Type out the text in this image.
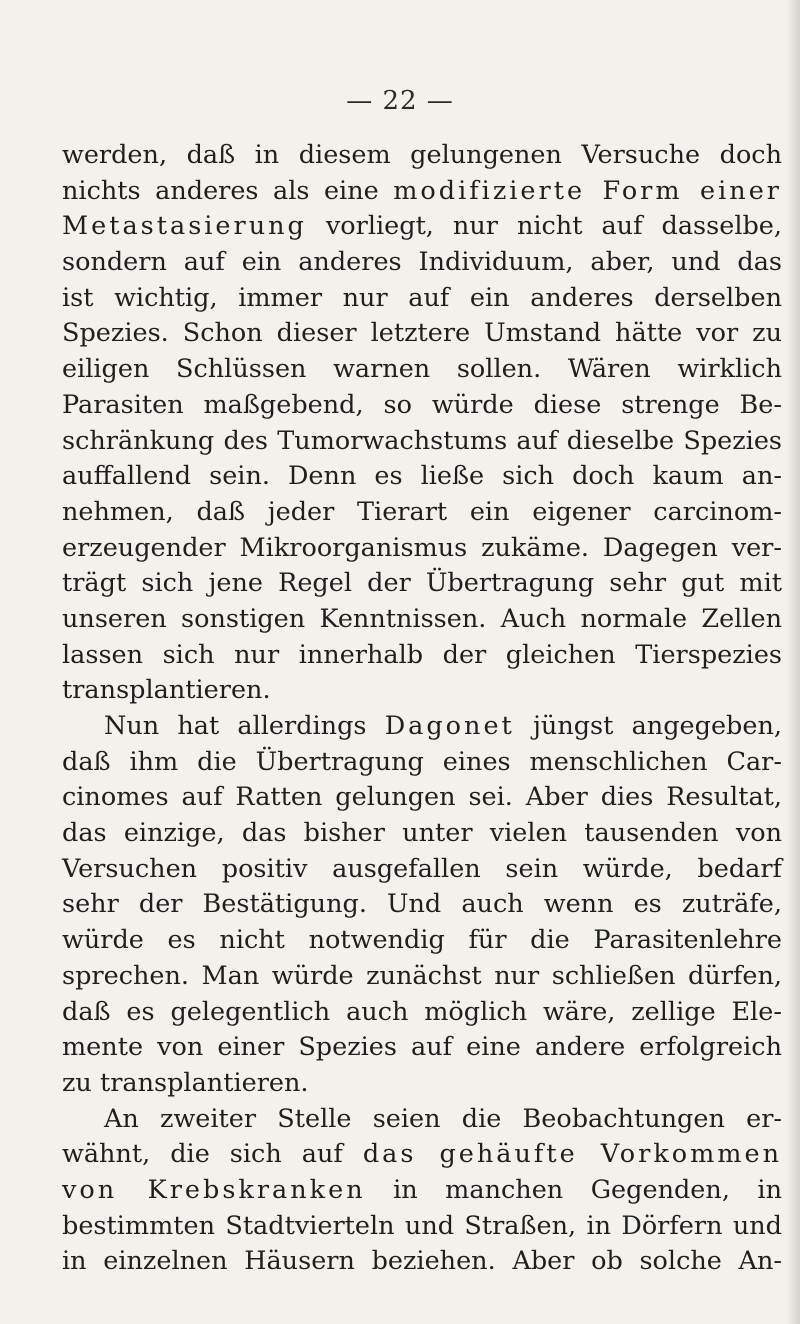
— 22 —
werden, daß in diesem gelungenen Versuche doch
nichts anderes als eine modifizierte Form einer
Metastasierung vorliegt, nur nicht auf dasselbe,
sondern auf ein anderes Individuum, aber, und das
ist wichtig, immer nur auf ein anderes derselben
Spezies. Schon dieser letztere Umstand hätte vor zu
eiligen Schlüssen warnen sollen. Wären wirklich
Parasiten maßgebend, so würde diese strenge Be-
schränkung des Tumorwachstums auf dieselbe Spezies
auffallend sein. Denn es ließe sich doch kaum an-
nehmen, daß jeder Tierart ein eigener carcinom-
erzeugender Mikroorganismus zukäme. Dagegen ver-
trägt sich jene Regel der Übertragung sehr gut mit
unseren sonstigen Kenntnissen. Auch normale Zellen
lassen sich nur innerhalb der gleichen Tierspezies
transplantieren.
Nun hat allerdings Dagonet jüngst angegeben,
daß ihm die Übertragung eines menschlichen Car-
cinomes auf Ratten gelungen sei. Aber dies Resultat,
das einzige, das bisher unter vielen tausenden von
Versuchen positiv ausgefallen sein würde, bedarf
sehr der Bestätigung. Und auch wenn es zuträfe,
würde es nicht notwendig für die Parasitenlehre
sprechen. Man würde zunächst nur schließen dürfen,
daß es gelegentlich auch möglich wäre, zellige Ele-
mente von einer Spezies auf eine andere erfolgreich
zu transplantieren.
An zweiter Stelle seien die Beobachtungen er-
wähnt, die sich auf das gehäufte Vorkommen
von Krebskranken in manchen Gegenden, in
bestimmten Stadtvierteln und Straßen, in Dörfern und
in einzelnen Häusern beziehen. Aber ob solche An-
